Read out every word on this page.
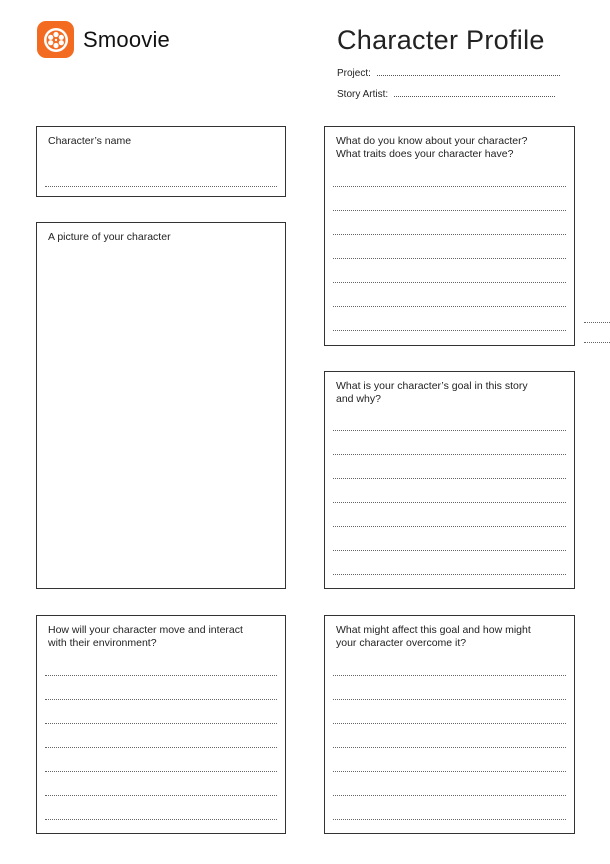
Smoovie	Character Profile
Project:
Story Artist:
Character’s name
A picture of your character
What do you know about your character?
What traits does your character have?
What is your character’s goal in this story
and why?
How will your character move and interact
with their environment?
What might affect this goal and how might
your character overcome it?
